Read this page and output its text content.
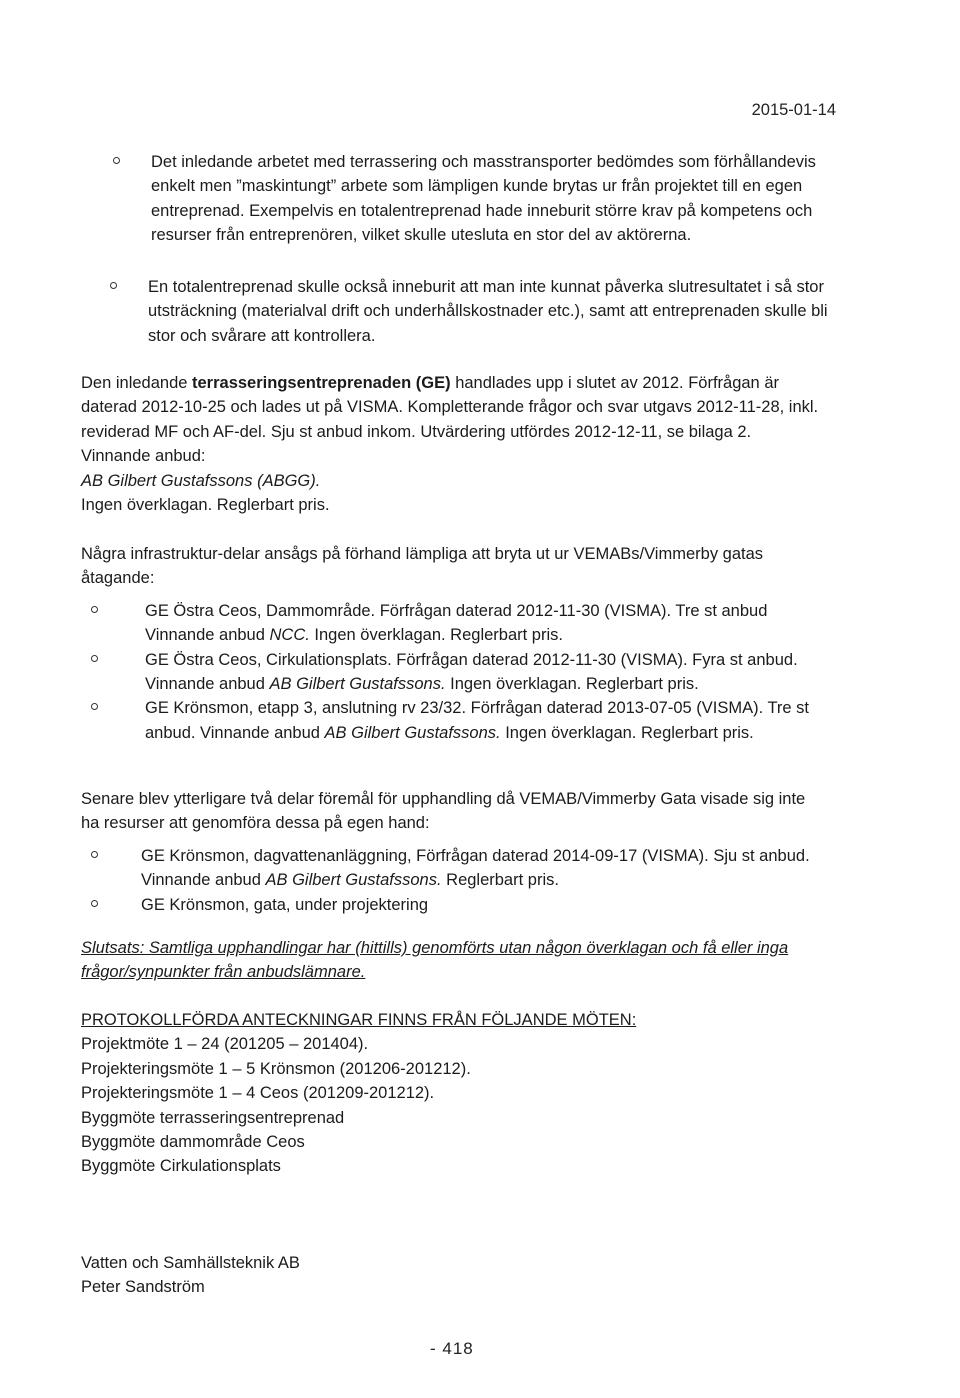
2015-01-14
Det inledande arbetet med terrassering och masstransporter bedömdes som förhållandevis enkelt men ”maskintungt” arbete som lämpligen kunde brytas ur från projektet till en egen entreprenad. Exempelvis en totalentreprenad hade inneburit större krav på kompetens och resurser från entreprenören, vilket skulle utesluta en stor del av aktörerna.
En totalentreprenad skulle också inneburit att man inte kunnat påverka slutresultatet i så stor utsträckning (materialval drift och underhållskostnader etc.), samt att entreprenaden skulle bli stor och svårare att kontrollera.

Den inledande terrasseringsentreprenaden (GE) handlades upp i slutet av 2012. Förfrågan är daterad 2012-10-25 och lades ut på VISMA. Kompletterande frågor och svar utgavs 2012-11-28, inkl. reviderad MF och AF-del. Sju st anbud inkom. Utvärdering utfördes 2012-12-11, se bilaga 2. Vinnande anbud:

AB Gilbert Gustafssons (ABGG).

Ingen överklagan. Reglerbart pris.

Några infrastruktur-delar ansågs på förhand lämpliga att bryta ut ur VEMABs/Vimmerby gatas åtagande:

GE Östra Ceos, Dammområde. Förfrågan daterad 2012-11-30 (VISMA). Tre st anbud Vinnande anbud NCC. Ingen överklagan. Reglerbart pris.
GE Östra Ceos, Cirkulationsplats. Förfrågan daterad 2012-11-30 (VISMA). Fyra st anbud. Vinnande anbud AB Gilbert Gustafssons. Ingen överklagan. Reglerbart pris.
GE Krönsmon, etapp 3, anslutning rv 23/32. Förfrågan daterad 2013-07-05 (VISMA). Tre st anbud. Vinnande anbud AB Gilbert Gustafssons. Ingen överklagan. Reglerbart pris.

Senare blev ytterligare två delar föremål för upphandling då VEMAB/Vimmerby Gata visade sig inte ha resurser att genomföra dessa på egen hand:

GE Krönsmon, dagvattenanläggning, Förfrågan daterad 2014-09-17 (VISMA). Sju st anbud. Vinnande anbud AB Gilbert Gustafssons. Reglerbart pris.
GE Krönsmon, gata, under projektering
Slutsats: Samtliga upphandlingar har (hittills) genomförts utan någon överklagan och få eller inga frågor/synpunkter från anbudslämnare.

PROTOKOLLFÖRDA ANTECKNINGAR FINNS FRÅN FÖLJANDE MÖTEN:

Projektmöte 1 – 24 (201205 – 201404).

Projekteringsmöte 1 – 5 Krönsmon (201206-201212).

Projekteringsmöte 1 – 4 Ceos (201209-201212).

Byggmöte terrasseringsentreprenad

Byggmöte dammområde Ceos

Byggmöte Cirkulationsplats

Vatten och Samhällsteknik AB

Peter Sandström

- 418
